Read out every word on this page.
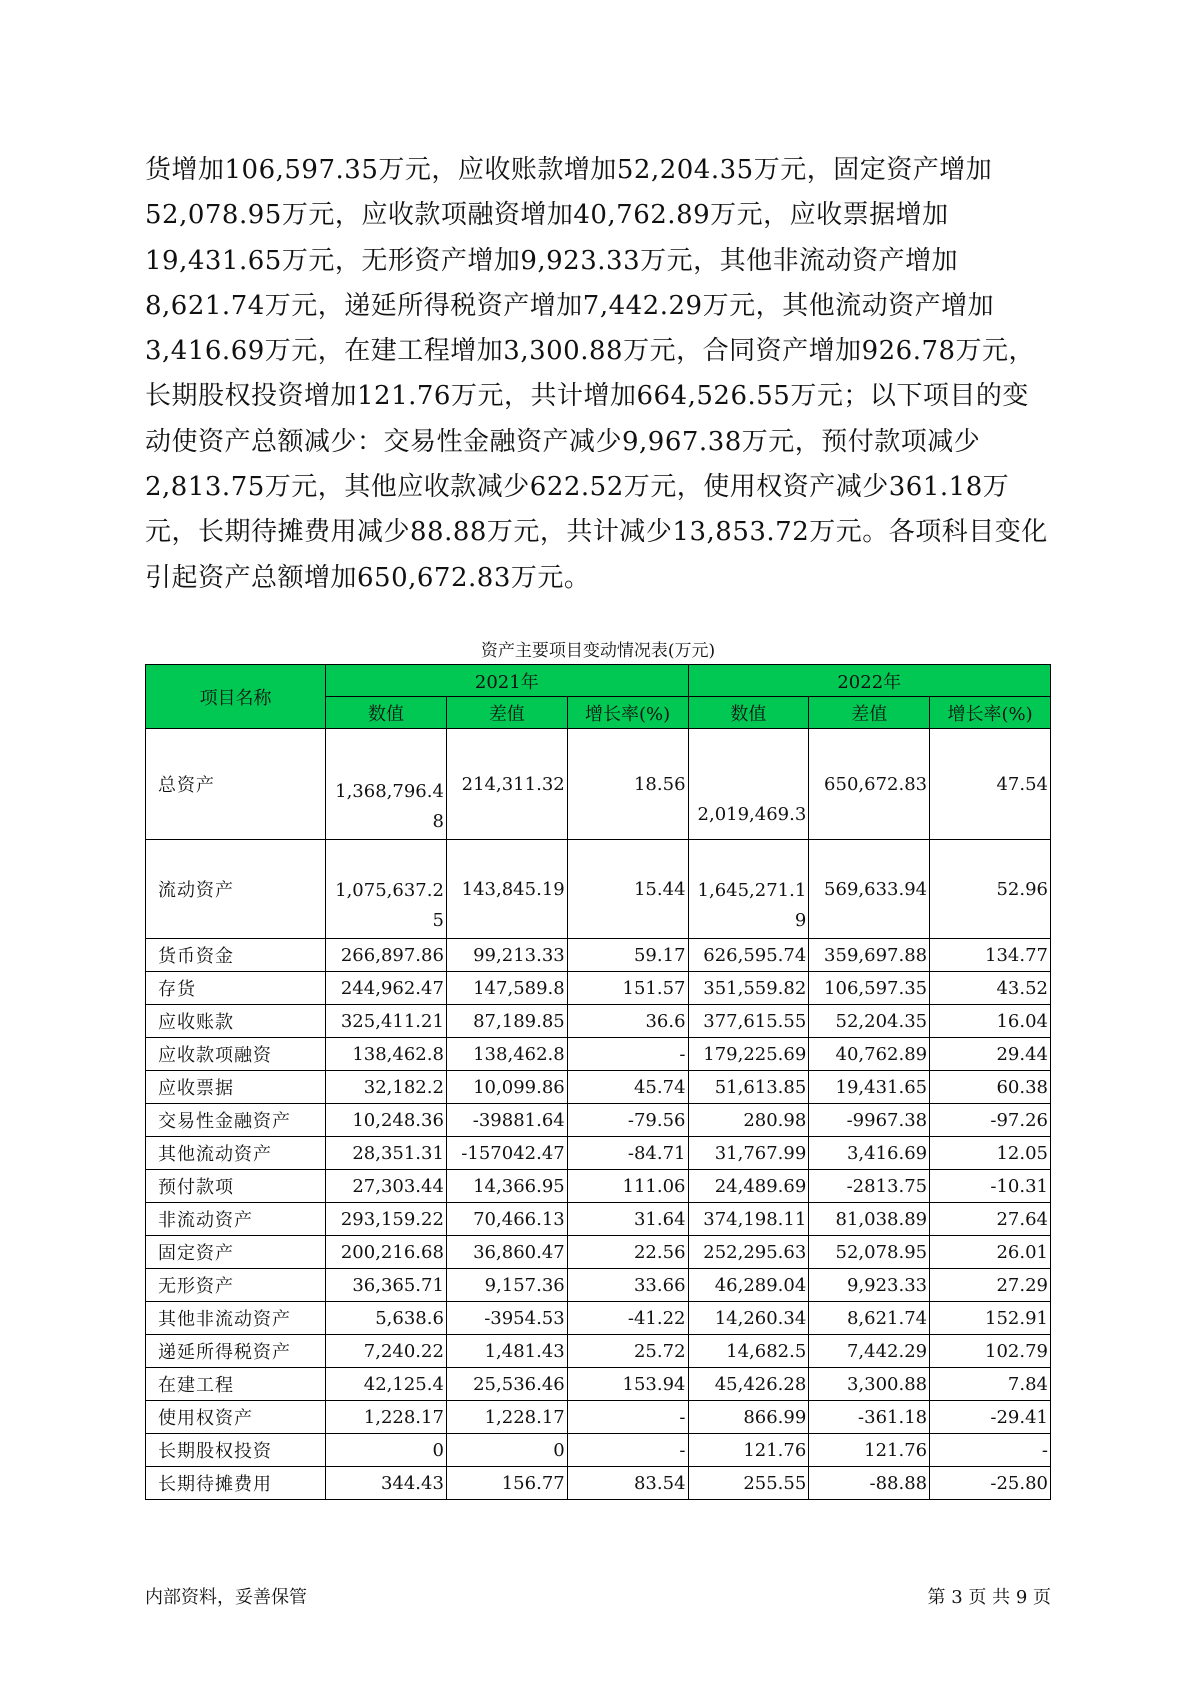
货增加106,597.35万元，应收账款增加52,204.35万元，固定资产增加52,078.95万元，应收款项融资增加40,762.89万元，应收票据增加19,431.65万元，无形资产增加9,923.33万元，其他非流动资产增加8,621.74万元，递延所得税资产增加7,442.29万元，其他流动资产增加3,416.69万元，在建工程增加3,300.88万元，合同资产增加926.78万元，长期股权投资增加121.76万元，共计增加664,526.55万元；以下项目的变动使资产总额减少：交易性金融资产减少9,967.38万元，预付款项减少2,813.75万元，其他应收款减少622.52万元，使用权资产减少361.18万元，长期待摊费用减少88.88万元，共计减少13,853.72万元。各项科目变化引起资产总额增加650,672.83万元。

资产主要项目变动情况表(万元)
项目名称	2021年			2022年		
	数值	差值	增长率(%)	数值	差值	增长率(%)
总资产	1,368,796.48	214,311.32	18.56	2,019,469.3	650,672.83	47.54
流动资产	1,075,637.25	143,845.19	15.44	1,645,271.19	569,633.94	52.96
货币资金	266,897.86	99,213.33	59.17	626,595.74	359,697.88	134.77
存货	244,962.47	147,589.8	151.57	351,559.82	106,597.35	43.52
应收账款	325,411.21	87,189.85	36.6	377,615.55	52,204.35	16.04
应收款项融资	138,462.8	138,462.8	-	179,225.69	40,762.89	29.44
应收票据	32,182.2	10,099.86	45.74	51,613.85	19,431.65	60.38
交易性金融资产	10,248.36	-39881.64	-79.56	280.98	-9967.38	-97.26
其他流动资产	28,351.31	-157042.47	-84.71	31,767.99	3,416.69	12.05
预付款项	27,303.44	14,366.95	111.06	24,489.69	-2813.75	-10.31
非流动资产	293,159.22	70,466.13	31.64	374,198.11	81,038.89	27.64
固定资产	200,216.68	36,860.47	22.56	252,295.63	52,078.95	26.01
无形资产	36,365.71	9,157.36	33.66	46,289.04	9,923.33	27.29
其他非流动资产	5,638.6	-3954.53	-41.22	14,260.34	8,621.74	152.91
递延所得税资产	7,240.22	1,481.43	25.72	14,682.5	7,442.29	102.79
在建工程	42,125.4	25,536.46	153.94	45,426.28	3,300.88	7.84
使用权资产	1,228.17	1,228.17	-	866.99	-361.18	-29.41
长期股权投资	0	0	-	121.76	121.76	-
长期待摊费用	344.43	156.77	83.54	255.55	-88.88	-25.80
内部资料，妥善保管	第 3 页 共 9 页
